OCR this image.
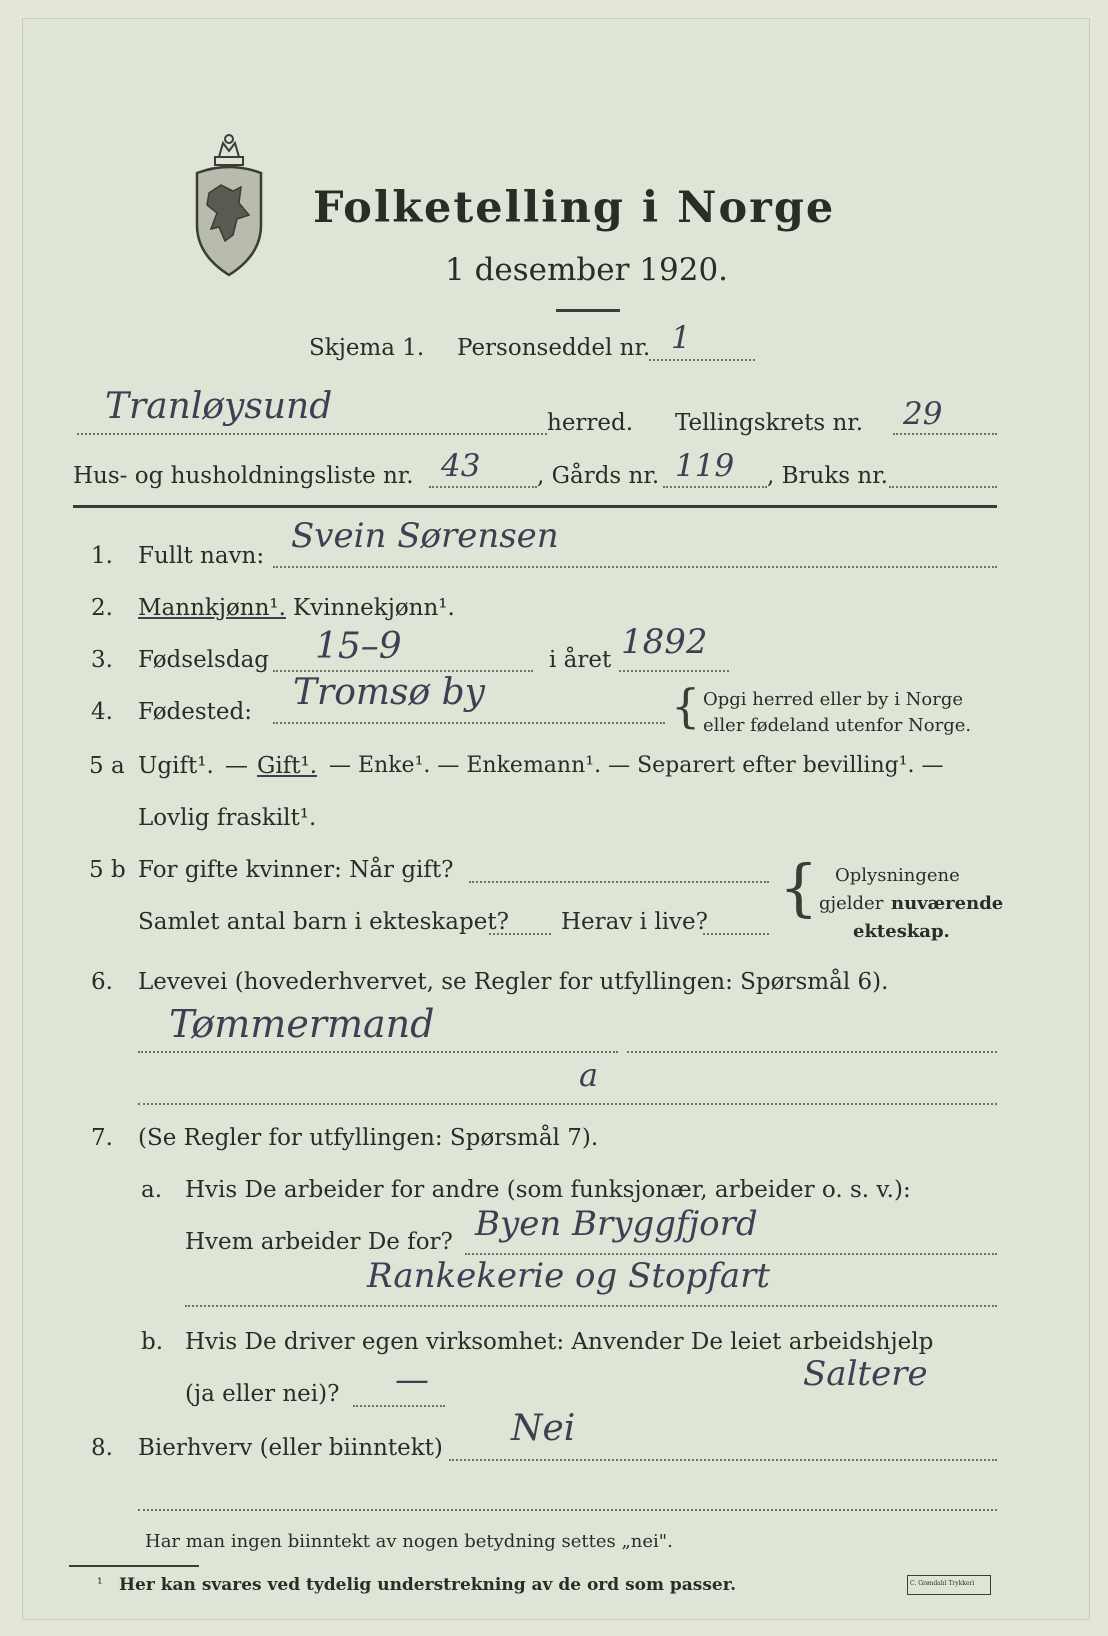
Folketelling i Norge
1 desember 1920.
Skjema 1. Personseddel nr. 1
Tranløysund	herred. Tellingskrets nr. 29
Hus- og husholdningsliste nr. 43 , Gårds nr. 119 , Bruks nr.
1. Fullt navn: Svein Sørensen
2. Mannkjønn¹. Kvinnekjønn¹.
3. Fødselsdag 15–9	i året 1892
4. Fødested: Tromsø by	{ Opgi herred eller by i Norge
eller fødeland utenfor Norge.
5 a Ugift¹. — Gift¹. — Enke¹. — Enkemann¹. — Separert efter bevilling¹. —
Lovlig fraskilt¹.
5 b For gifte kvinner: Når gift?
Samlet antal barn i ekteskapet? Herav i live? { Oplysningene
gjelder nuværende
ekteskap.
6. Levevei (hovederhvervet, se Regler for utfyllingen: Spørsmål 6).
Tømmermand
a
7. (Se Regler for utfyllingen: Spørsmål 7).
a. Hvis De arbeider for andre (som funksjonær, arbeider o. s. v.):
Hvem arbeider De for? Byen Bryggfjord
Rankekerie og Stopfart
b. Hvis De driver egen virksomhet: Anvender De leiet arbeidshjelp
(ja eller nei)? —	Saltere
8. Bierhverv (eller biinntekt) Nei
Har man ingen biinntekt av nogen betydning settes „nei".
¹ Her kan svares ved tydelig understrekning av de ord som passer.	C. Grøndahl Trykkeri
